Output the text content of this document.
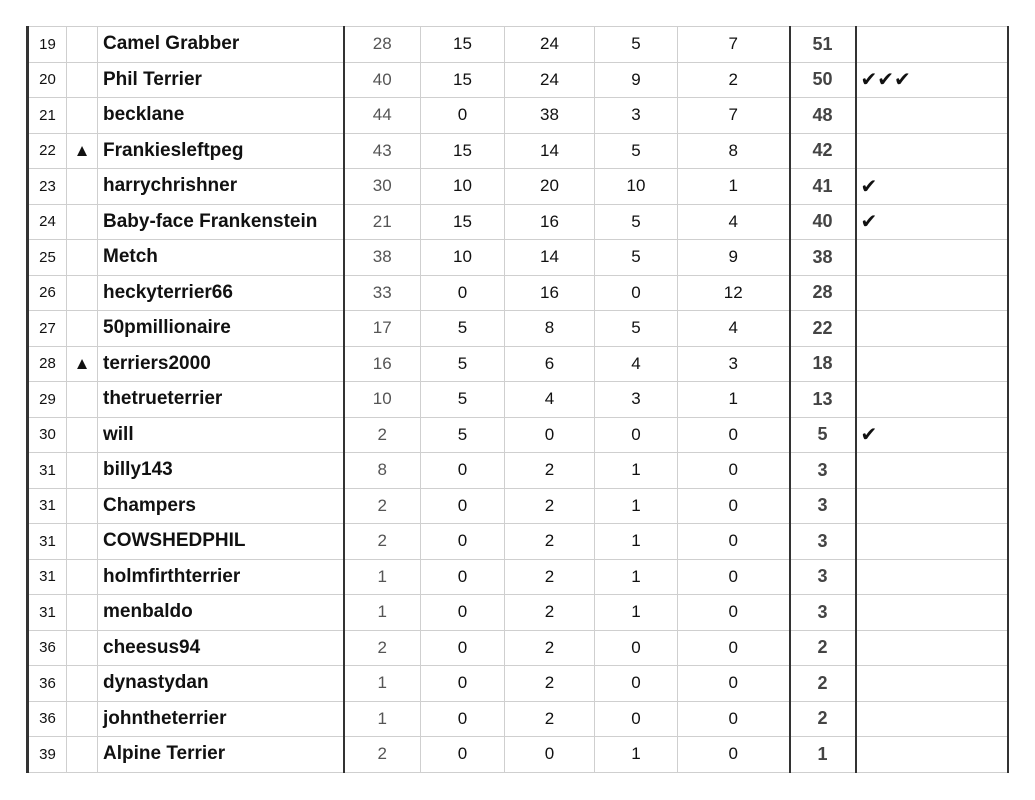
19		Camel Grabber	28	15	24	5	7	51	
20		Phil Terrier	40	15	24	9	2	50	✔✔✔
21		becklane	44	0	38	3	7	48	
22	▲	Frankiesleftpeg	43	15	14	5	8	42	
23		harrychrishner	30	10	20	10	1	41	✔
24		Baby-face Frankenstein	21	15	16	5	4	40	✔
25		Metch	38	10	14	5	9	38	
26		heckyterrier66	33	0	16	0	12	28	
27		50pmillionaire	17	5	8	5	4	22	
28	▲	terriers2000	16	5	6	4	3	18	
29		thetrueterrier	10	5	4	3	1	13	
30		will	2	5	0	0	0	5	✔
31		billy143	8	0	2	1	0	3	
31		Champers	2	0	2	1	0	3	
31		COWSHEDPHIL	2	0	2	1	0	3	
31		holmfirthterrier	1	0	2	1	0	3	
31		menbaldo	1	0	2	1	0	3	
36		cheesus94	2	0	2	0	0	2	
36		dynastydan	1	0	2	0	0	2	
36		johntheterrier	1	0	2	0	0	2	
39		Alpine Terrier	2	0	0	1	0	1	
